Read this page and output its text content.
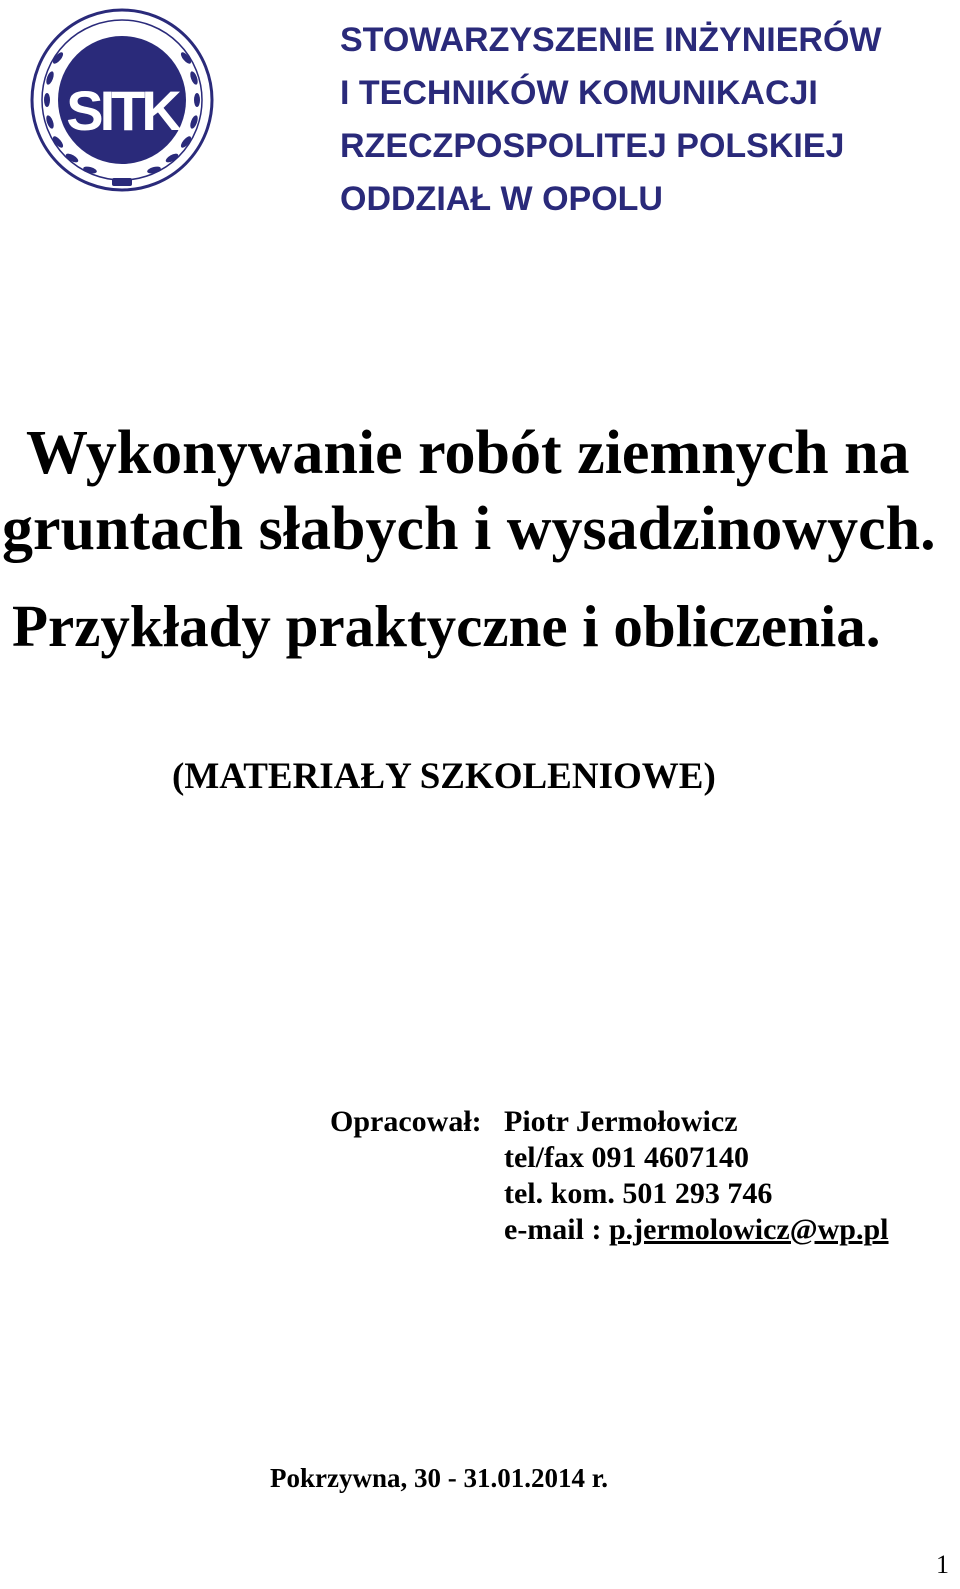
SITK
STOWARZYSZENIE INŻYNIERÓW
I TECHNIKÓW KOMUNIKACJI
RZECZPOSPOLITEJ POLSKIEJ
ODDZIAŁ W OPOLU
Wykonywanie robót ziemnych na
gruntach słabych i wysadzinowych.
Przykłady praktyczne i obliczenia.
(MATERIAŁY SZKOLENIOWE)
Opracował: Piotr Jermołowicz
tel/fax 091 4607140
tel. kom. 501 293 746
e-mail : p.jermolowicz@wp.pl
Pokrzywna, 30 - 31.01.2014 r.
1
